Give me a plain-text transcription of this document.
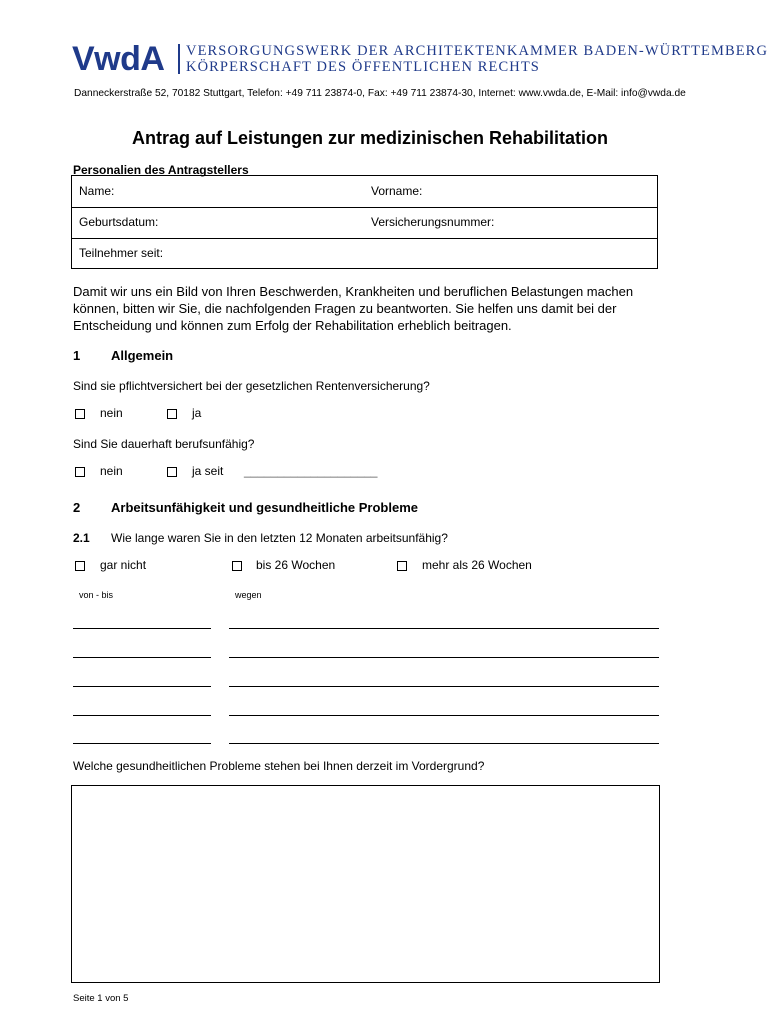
VwdA VERSORGUNGSWERK DER ARCHITEKTENKAMMER BADEN-WÜRTTEMBERG
KÖRPERSCHAFT DES ÖFFENTLICHEN RECHTS
Danneckerstraße 52, 70182 Stuttgart, Telefon: +49 711 23874-0, Fax: +49 711 23874-30, Internet: www.vwda.de, E-Mail: info@vwda.de
Antrag auf Leistungen zur medizinischen Rehabilitation
Personalien des Antragstellers
Name:	Vorname:
Geburtsdatum:	Versicherungsnummer:
Teilnehmer seit:
Damit wir uns ein Bild von Ihren Beschwerden, Krankheiten und beruflichen Belastungen machen können, bitten wir Sie, die nachfolgenden Fragen zu beantworten. Sie helfen uns damit bei der Entscheidung und können zum Erfolg der Rehabilitation erheblich beitragen.
1 Allgemein
Sind sie pflichtversichert bei der gesetzlichen Rentenversicherung?
nein	ja
Sind Sie dauerhaft berufsunfähig?
nein	ja seit ____________________
2 Arbeitsunfähigkeit und gesundheitliche Probleme
2.1 Wie lange waren Sie in den letzten 12 Monaten arbeitsunfähig?
gar nicht	bis 26 Wochen	mehr als 26 Wochen
von - bis	wegen
Welche gesundheitlichen Probleme stehen bei Ihnen derzeit im Vordergrund?
Seite 1 von 5
